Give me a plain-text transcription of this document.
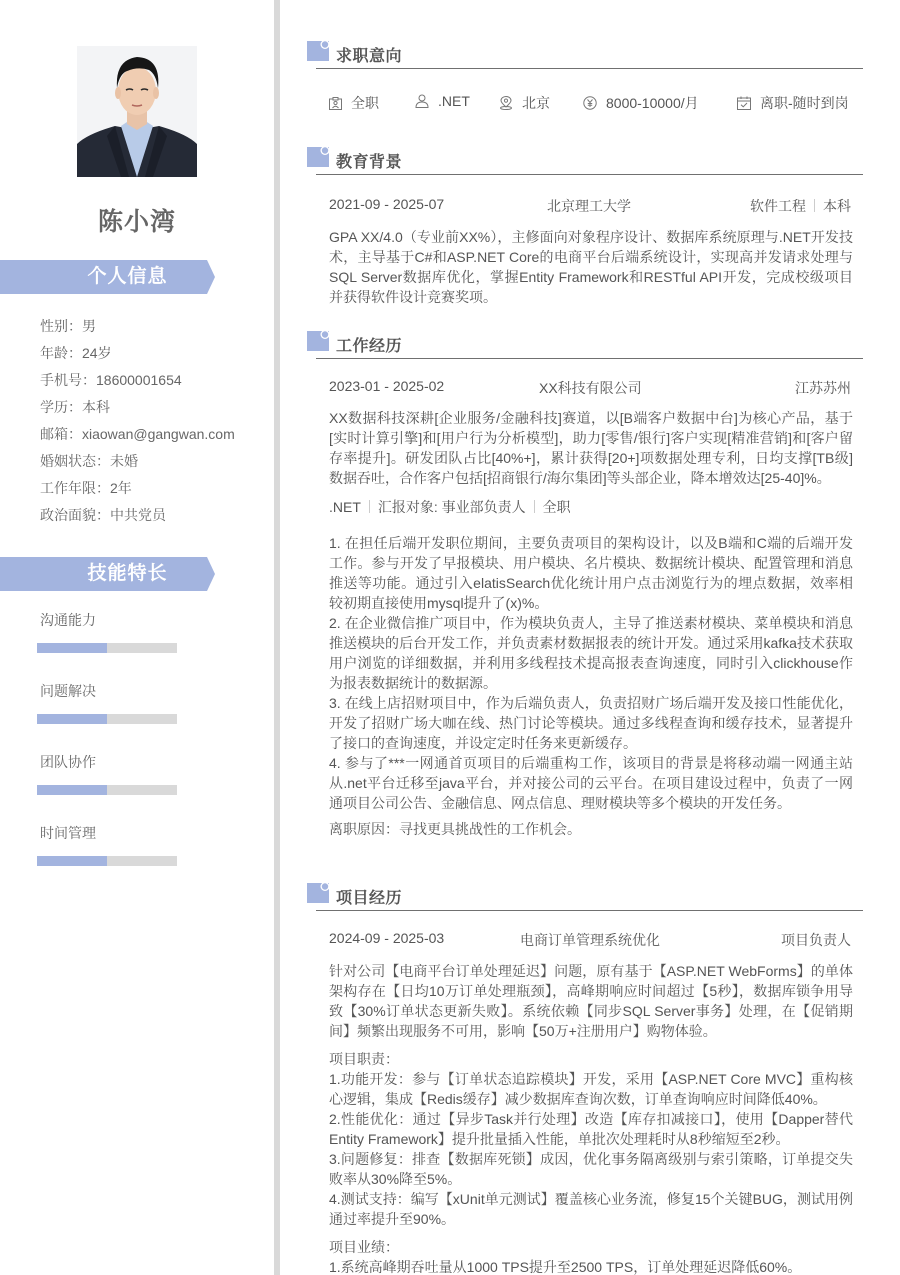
陈小湾
个人信息
性别：男
年龄：24岁
手机号：18600001654
学历：本科
邮箱：xiaowan@gangwan.com
婚姻状态：未婚
工作年限：2年
政治面貌：中共党员
技能特长
沟通能力
问题解决
团队协作
时间管理
求职意向
全职	.NET	北京	8000-10000/月	离职-随时到岗
教育背景
2021-09 - 2025-07	北京理工大学	软件工程 本科

GPA XX/4.0（专业前XX%），主修面向对象程序设计、数据库系统原理与.NET开发技术，主导基于C#和ASP.NET Core的电商平台后端系统设计，实现高并发请求处理与SQL Server数据库优化，掌握Entity Framework和RESTful API开发，完成校级项目并获得软件设计竞赛奖项。

工作经历
2023-01 - 2025-02	XX科技有限公司	江苏苏州

XX数据科技深耕[企业服务/金融科技]赛道，以[B端客户数据中台]为核心产品，基于[实时计算引擎]和[用户行为分析模型]，助力[零售/银行]客户实现[精准营销]和[客户留存率提升]。研发团队占比[40%+]，累计获得[20+]项数据处理专利，日均支撑[TB级]数据吞吐，合作客户包括[招商银行/海尔集团]等头部企业，降本增效达[25-40]%。

.NET 汇报对象: 事业部负责人 全职

1. 在担任后端开发职位期间，主要负责项目的架构设计，以及B端和C端的后端开发工作。参与开发了早报模块、用户模块、名片模块、数据统计模块、配置管理和消息推送等功能。通过引入elatisSearch优化统计用户点击浏览行为的埋点数据，效率相较初期直接使用mysql提升了(x)%。

2. 在企业微信推广项目中，作为模块负责人，主导了推送素材模块、菜单模块和消息推送模块的后台开发工作，并负责素材数据报表的统计开发。通过采用kafka技术获取用户浏览的详细数据，并利用多线程技术提高报表查询速度，同时引入clickhouse作为报表数据统计的数据源。

3. 在线上店招财项目中，作为后端负责人，负责招财广场后端开发及接口性能优化，开发了招财广场大咖在线、热门讨论等模块。通过多线程查询和缓存技术，显著提升了接口的查询速度，并设定定时任务来更新缓存。

4. 参与了***一网通首页项目的后端重构工作，该项目的背景是将移动端一网通主站从.net平台迁移至java平台，并对接公司的云平台。在项目建设过程中，负责了一网通项目公司公告、金融信息、网点信息、理财模块等多个模块的开发任务。

离职原因：寻找更具挑战性的工作机会。

项目经历
2024-09 - 2025-03	电商订单管理系统优化	项目负责人

针对公司【电商平台订单处理延迟】问题，原有基于【ASP.NET WebForms】的单体架构存在【日均10万订单处理瓶颈】，高峰期响应时间超过【5秒】，数据库锁争用导致【30%订单状态更新失败】。系统依赖【同步SQL Server事务】处理，在【促销期间】频繁出现服务不可用，影响【50万+注册用户】购物体验。

项目职责：

1.功能开发：参与【订单状态追踪模块】开发，采用【ASP.NET Core MVC】重构核心逻辑，集成【Redis缓存】减少数据库查询次数，订单查询响应时间降低40%。

2.性能优化：通过【异步Task并行处理】改造【库存扣减接口】，使用【Dapper替代Entity Framework】提升批量插入性能，单批次处理耗时从8秒缩短至2秒。

3.问题修复：排查【数据库死锁】成因，优化事务隔离级别与索引策略，订单提交失败率从30%降至5%。

4.测试支持：编写【xUnit单元测试】覆盖核心业务流，修复15个关键BUG，测试用例通过率提升至90%。

项目业绩：

1.系统高峰期吞吐量从1000 TPS提升至2500 TPS，订单处理延迟降低60%。
